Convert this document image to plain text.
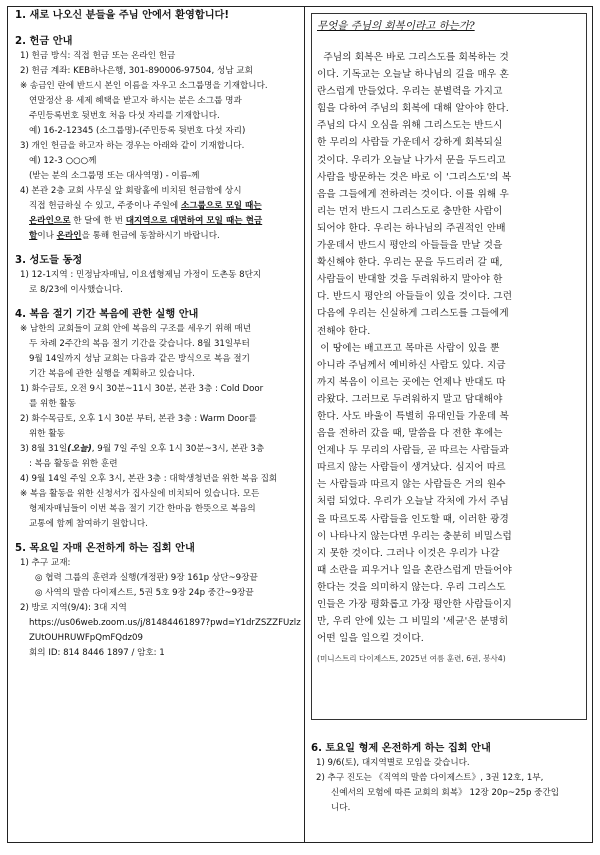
1. 새로 나오신 분들을 주님 안에서 환영합니다!

2. 헌금 안내

1) 헌금 방식: 직접 헌금 또는 온라인 헌금

2) 헌금 계좌: KEB하나은행, 301-890006-97504, 성남 교회

※ 송금인 란에 반드시 본인 이름을 자우고 소그룹명을 기재합니다.

연말정산 용 세제 혜택을 받고자 하시는 분은 소그룹 명과

주민등록번호 뒷번호 처음 다섯 자리를 기재합니다.

예) 16-2-12345 (소그룹명)-(주민등록 뒷번호 다섯 자리)

3) 개인 헌금을 하고자 하는 경우는 아래와 같이 기재합니다.

예) 12-3 ○○○께

(받는 분의 소그룹명 또는 대사역명) - 이름-께

4) 본관 2층 교회 사무실 앞 회랑홀에 비치된 헌금함에 상시

직접 헌금하실 수 있고, 주중이나 주일에 소그룹으로 모일 때는

온라인으로 한 달에 한 번 대지역으로 대면하여 모일 때는 현금

함이나 온라인을 통해 헌금에 동참하시기 바랍니다.

3. 성도들 동정

1) 12-1지역 : 민정남자매님, 이요셉형제님 가정이 도촌동 8단지

로 8/23에 이사했습니다.

4. 복음 절기 기간 복음에 관한 실행 안내

※ 남한의 교회들이 교회 안에 복음의 구조를 세우기 위해 매년

두 차례 2주간의 복음 절기 기간을 갖습니다. 8월 31일부터

9월 14일까지 성남 교회는 다음과 같은 방식으로 복음 절기

기간 복음에 관한 실행을 계획하고 있습니다.

1) 화수금토, 오전 9시 30분~11시 30분, 본관 3층 : Cold Door

를 위한 활동

2) 화수목금토, 오후 1시 30분 부터, 본관 3층 : Warm Door를

위한 활동

3) 8월 31일(오늘), 9월 7일 주일 오후 1시 30분~3시, 본관 3층

: 복음 활동을 위한 훈련

4) 9월 14일 주일 오후 3시, 본관 3층 : 대학생청년을 위한 복음 집회

※ 복음 활동을 위한 신청서가 집사실에 비치되어 있습니다. 모든

형제자매님들이 이번 복음 절기 기간 한마음 한뜻으로 복음의

교통에 함께 참여하기 원합니다.

5. 목요일 자매 온전하게 하는 집회 안내

1) 추구 교재:

◎ 협력 그룹의 훈련과 실행(개정판) 9장 161p 상단~9장끝

◎ 사역의 말씀 다이제스트, 5권 5호 9장 24p 중간~9장끝

2) 방로 지역(9/4): 3대 지역

https://us06web.zoom.us/j/81484461897?pwd=Y1drZSZZFUzlz

ZUtOUHRUWFpQmFQdz09

회의 ID: 814 8446 1897 / 암호: 1

무엇을 주님의 회복이라고 하는가?

주님의 회복은 바로 그리스도를 회복하는 것

이다. 기독교는 오늘날 하나님의 길을 매우 혼

란스럽게 만들었다. 우리는 분별력을 가지고

힘을 다하여 주님의 회복에 대해 알아야 한다.

주님의 다시 오심을 위해 그리스도는 반드시

한 무리의 사람들 가운데서 강하게 회복되실

것이다. 우리가 오늘날 나가서 문을 두드리고

사람을 방문하는 것은 바로 이 '그리스도'의 복

음을 그들에게 전하려는 것이다. 이를 위해 우

리는 먼저 반드시 그리스도로 충만한 사람이

되어야 한다. 우리는 하나님의 주권적인 안배

가운데서 반드시 평안의 아들들을 만날 것을

확신해야 한다. 우리는 문을 두드리러 갈 때,

사람들이 반대할 것을 두려워하지 말아야 한

다. 반드시 평안의 아들들이 있을 것이다. 그런

다음에 우리는 신실하게 그리스도를 그들에게

전해야 한다.

이 땅에는 배고프고 목마른 사람이 있을 뿐

아니라 주님께서 예비하신 사람도 있다. 지금

까지 복음이 이르는 곳에는 언제나 반대도 따

라왔다. 그러므로 두려워하지 말고 담대해야

한다. 사도 바울이 특별히 유대인들 가운데 복

음을 전하러 갔을 때, 말씀을 다 전한 후에는

언제나 두 무리의 사람들, 곧 따르는 사람들과

따르지 않는 사람들이 생겨났다. 심지어 따르

는 사람들과 따르지 않는 사람들은 거의 원수

처럼 되었다. 우리가 오늘날 각처에 가서 주님

을 따르도록 사람들을 인도할 때, 이러한 광경

이 나타나지 않는다면 우리는 충분히 비밀스럽

지 못한 것이다. 그러나 이것은 우리가 나갈

때 소란을 피우거나 일을 혼란스럽게 만들어야

한다는 것을 의미하지 않는다. 우리 그리스도

인들은 가장 평화롭고 가장 평안한 사람들이지

만, 우리 안에 있는 그 비밀의 '세균'은 분명히

어떤 일을 일으킬 것이다.

(미니스트리 다이제스트, 2025년 여름 훈련, 6권, 봉사4)

6. 토요일 형제 온전하게 하는 집회 안내

1) 9/6(토), 대지역별로 모임을 갖습니다.

2) 추구 진도는 《직역의 말씀 다이제스트》, 3권 12호, 1부,

신예서의 모험에 따른 교회의 회복》 12장 20p~25p 중간입

니다.
